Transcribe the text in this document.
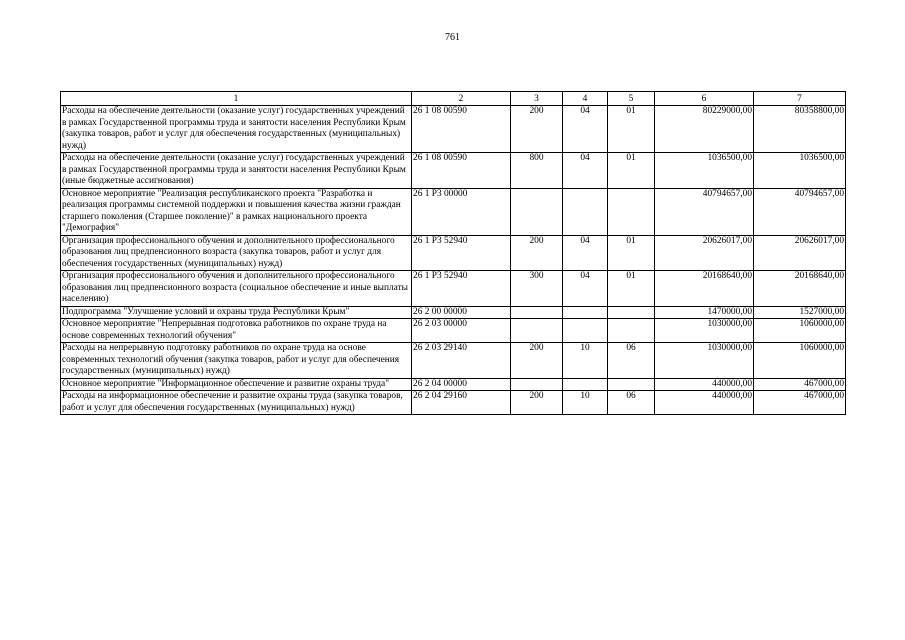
761
1	2	3	4	5	6	7
Расходы на обеспечение деятельности (оказание услуг) государственных учреждений в рамках Государственной программы труда и занятости населения Республики Крым (закупка товаров, работ и услуг для обеспечения государственных (муниципальных) нужд)	26 1 08 00590	200	04	01	80229000,00	80358800,00
Расходы на обеспечение деятельности (оказание услуг) государственных учреждений в рамках Государственной программы труда и занятости населения Республики Крым (иные бюджетные ассигнования)	26 1 08 00590	800	04	01	1036500,00	1036500,00
Основное мероприятие "Реализация республиканского проекта "Разработка и реализация программы системной поддержки и повышения качества жизни граждан старшего поколения (Старшее поколение)" в рамках национального проекта "Демография"	26 1 P3 00000				40794657,00	40794657,00
Организация профессионального обучения и дополнительного профессионального образования лиц предпенсионного возраста (закупка товаров, работ и услуг для обеспечения государственных (муниципальных) нужд)	26 1 P3 52940	200	04	01	20626017,00	20626017,00
Организация профессионального обучения и дополнительного профессионального образования лиц предпенсионного возраста (социальное обеспечение и иные выплаты населению)	26 1 P3 52940	300	04	01	20168640,00	20168640,00
Подпрограмма "Улучшение условий и охраны труда Республики Крым"	26 2 00 00000				1470000,00	1527000,00
Основное мероприятие "Непрерывная подготовка работников по охране труда на основе современных технологий обучения"	26 2 03 00000				1030000,00	1060000,00
Расходы на непрерывную подготовку работников по охране труда на основе современных технологий обучения (закупка товаров, работ и услуг для обеспечения государственных (муниципальных) нужд)	26 2 03 29140	200	10	06	1030000,00	1060000,00
Основное мероприятие "Информационное обеспечение и развитие охраны труда"	26 2 04 00000				440000,00	467000,00
Расходы на информационное обеспечение и развитие охраны труда (закупка товаров, работ и услуг для обеспечения государственных (муниципальных) нужд)	26 2 04 29160	200	10	06	440000,00	467000,00
